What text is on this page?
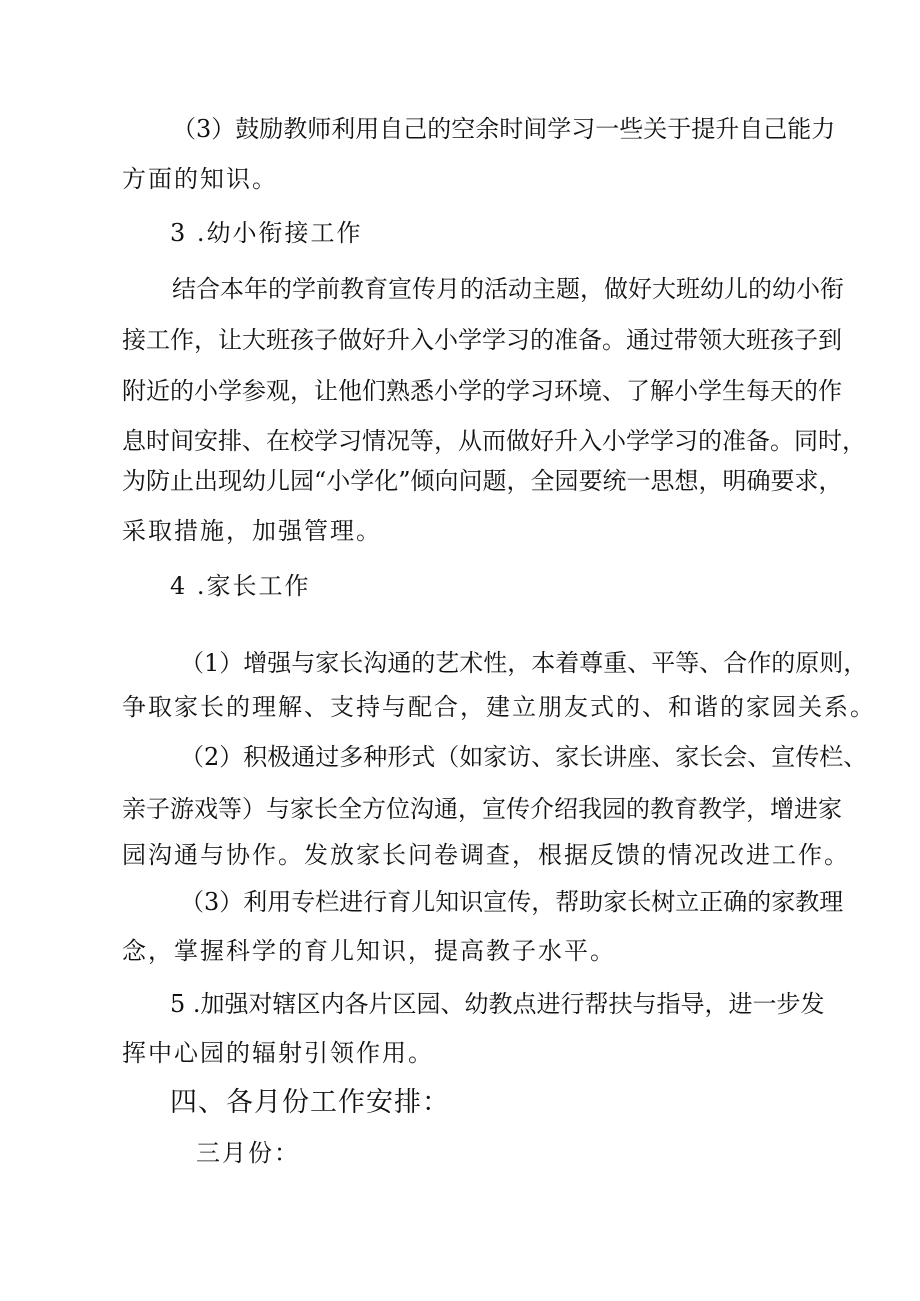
（3）鼓励教师利用自己的空余时间学习一些关于提升自己能力
方面的知识。
3 .幼小衔接工作
结合本年的学前教育宣传月的活动主题，做好大班幼儿的幼小衔
接工作，让大班孩子做好升入小学学习的准备。通过带领大班孩子到
附近的小学参观，让他们熟悉小学的学习环境、了解小学生每天的作
息时间安排、在校学习情况等，从而做好升入小学学习的准备。同时，
为防止出现幼儿园“小学化”倾向问题，全园要统一思想，明确要求，
采取措施，加强管理。
4 .家长工作
（1）增强与家长沟通的艺术性，本着尊重、平等、合作的原则，
争取家长的理解、支持与配合，建立朋友式的、和谐的家园关系。
（2）积极通过多种形式（如家访、家长讲座、家长会、宣传栏、
亲子游戏等）与家长全方位沟通，宣传介绍我园的教育教学，增进家
园沟通与协作。发放家长问卷调查，根据反馈的情况改进工作。
（3）利用专栏进行育儿知识宣传，帮助家长树立正确的家教理
念，掌握科学的育儿知识，提高教子水平。
5 .加强对辖区内各片区园、幼教点进行帮扶与指导，进一步发
挥中心园的辐射引领作用。
四、各月份工作安排：
三月份：
